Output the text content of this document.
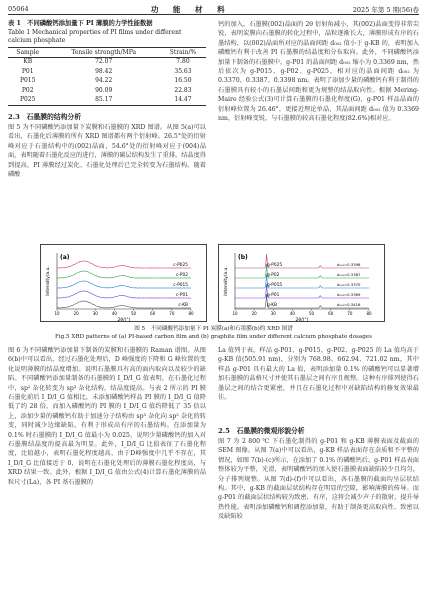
05064	功 能 材 料	2025 年第 5 期(56)卷
表 1　不同磷酸钙添加量下 PI 薄膜的力学性能数据
Table 1 Mechanical properties of PI films under different calcium phosphate
Sample	Tensile strength/MPa	Strain/%
KB	72.07	7.80
P01	98.42	35.63
P015	94.22	16.50
P02	90.09	22.83
P025	85.17	14.47
2.3　石墨膜的结构分析
图 5 为不同磷酸钙添加量下炭膜和石墨膜的 XRD 图谱。从图 5(a)可以看出，石墨化后薄膜的所有 XRD 图谱都有两个衍射峰。26.5°处的衍射峰对应于石墨结构中的(002)晶面，54.6°处的衍射峰对应于(004)晶面，表明随着石墨化反应的进行，薄膜的碳层结构发生了重排。结晶度得到提高，PI 薄膜经过炭化、石墨化处理后已完全转变为石墨结构。随着磷酸
钙的加入，石墨膜(002)晶面的 2θ 衍射角减小，其(002)晶面变得非常尖锐，表明炭膜向石墨膜的转化过程中，晶粒逐渐长大，薄膜形成有序的石墨结构，以(002)晶面所对应的晶面间距 d₀₀₂ 值小于 g-KB 的，表明加入磷酸钙有利于改善 PI 石墨膜的结晶度和分布取向。此外，不同磷酸钙添加量下制备的石墨膜中，g-P01 的晶面间距 d₀₀₂ 缩小为 0.3369 nm，然后依次为 g-P015、g-P02、g-P025，相对应的晶面间距 d₀₀₂ 为 0.3370、0.3387、0.3398 nm。表明了添加少量的磷酸钙有利于制得的石墨膜具有较小的石墨层间距和更为规整的结晶取向性。根据 Mering-Maire 经验公式(3)可计算石墨膜的石墨化程度(G)，g-P01 样品晶面的衍射峰位置为 26.46°，更接近理论单晶，其晶面间距 d₀₀₂ 值为 0.3369 nm，衍射峰变锐，与石墨膜的较高石墨化程度(82.6%)相对应。
(a)
Intensity/a.u.
2θ/(°)
10	20	30	40	50	60	70	80
c-P025
c-P02
c-P015
c-P01
c-KB
(b)
Intensity/a.u.
2θ/(°)
10	20	30	40	50	60	70	80
g-P025	d₀₀₂=0.3398
g-P02	d₀₀₂=0.3387
g-P015	d₀₀₂=0.3370
g-P01	d₀₀₂=0.3369
g-KB	d₀₀₂=0.3416
图 5　不同磷酸钙添加量下 PI 炭膜(a)和石墨膜(b)的 XRD 图谱
Fig.5 XRD patterns of (a) PI-based carbon film and (b) graphite film under different calcium phosphate dosages
图 6 为不同磷酸钙添加量下制备的炭膜和石墨膜的 Raman 谱图。从图 6(b)中可以看出，经过石墨化处理后，D 峰强度的下降和 G 峰位置的变化说明薄膜的结晶度增加。说明石墨膜具有高的面内取向以及较少的缺陷。不同磷酸钙添加量制备的石墨膜的 I_D/I_G 值表明，在石墨化过程中，sp² 杂化转变为 sp³ 杂化结构，结晶度提高。与表 2 所示的 PI 膜石墨化前后 I_D/I_G 值相比，未添加磷酸钙样品 PI 膜的 I_D/I_G 值降低了约 28 倍，而加入磷酸钙的 PI 膜的 I_D/I_G 值约降低了 35 倍以上，添加少量的磷酸钙有助于加速分子结构由 sp³ 杂化向 sp² 杂化的转变，同时减少边缘缺陷，有利于形成高有序的石墨结构。在添加量为 0.1% 时石墨膜的 I_D/I_G 值最小为 0.025，说明少量磷酸钙的加入对石墨膜结晶度的提高最为明显。此外，I_D/I_G 比值表征了石墨化程度，比值越小，表明石墨化程度越高，由于D峰强度中几乎不存在，其 I_D/I_G 比值接近于 0，说明在石墨化处理后的薄膜石墨化程度高，与 XRD 结果一致。此外，根据 I_D/I_G 值由公式(4)计算石墨化薄膜的晶粒尺寸(La)，各 PI 基石墨膜的
La 值列于表。样品 g-P01、g-P015、g-P02、g-P025 的 La 值均高于 g-KB 值(505.91 nm)，分别为 768.98、662.94、721.02 nm，其中样品 g-P01 具有最大的 La 值，表明添加量 0.1% 的磷酸钙可以显著增加石墨膜的晶格尺寸并使其石墨层之间有序且规整。这种有序排列使得石墨层之间的结合更紧密，并且在石墨化过程中对缺陷结构的修复效果最佳。
2.5　石墨膜的微观形貌分析
图 7 为 2 800 ℃ 下石墨化制得的 g-P01 和 g-KB 薄膜表面及截面的 SEM 图像。从图 7(a)中可以看出，g-KB 样品表面存在杂质和不平整的情况，如图 7(b)-(c)所示，在添加了 0.1% 的磷酸钙后，g-P01 样品表面整体较为平整，光滑，表明磷酸钙的加入使石墨膜表面缺陷较少且均匀，分子排列规整。从图 7(d)-(f)中可以看出，各石墨膜的截面均呈层状结构。其中，g-KB 的截面层状结构存在明显的空隙，影响薄膜的传导。而 g-P01 的截面层状结构较为致密，有序，这将会减少声子的散射，提升导热性能。表明添加磷酸钙和调控添加量，有助于制备更高取向性、致密以及缺陷较
